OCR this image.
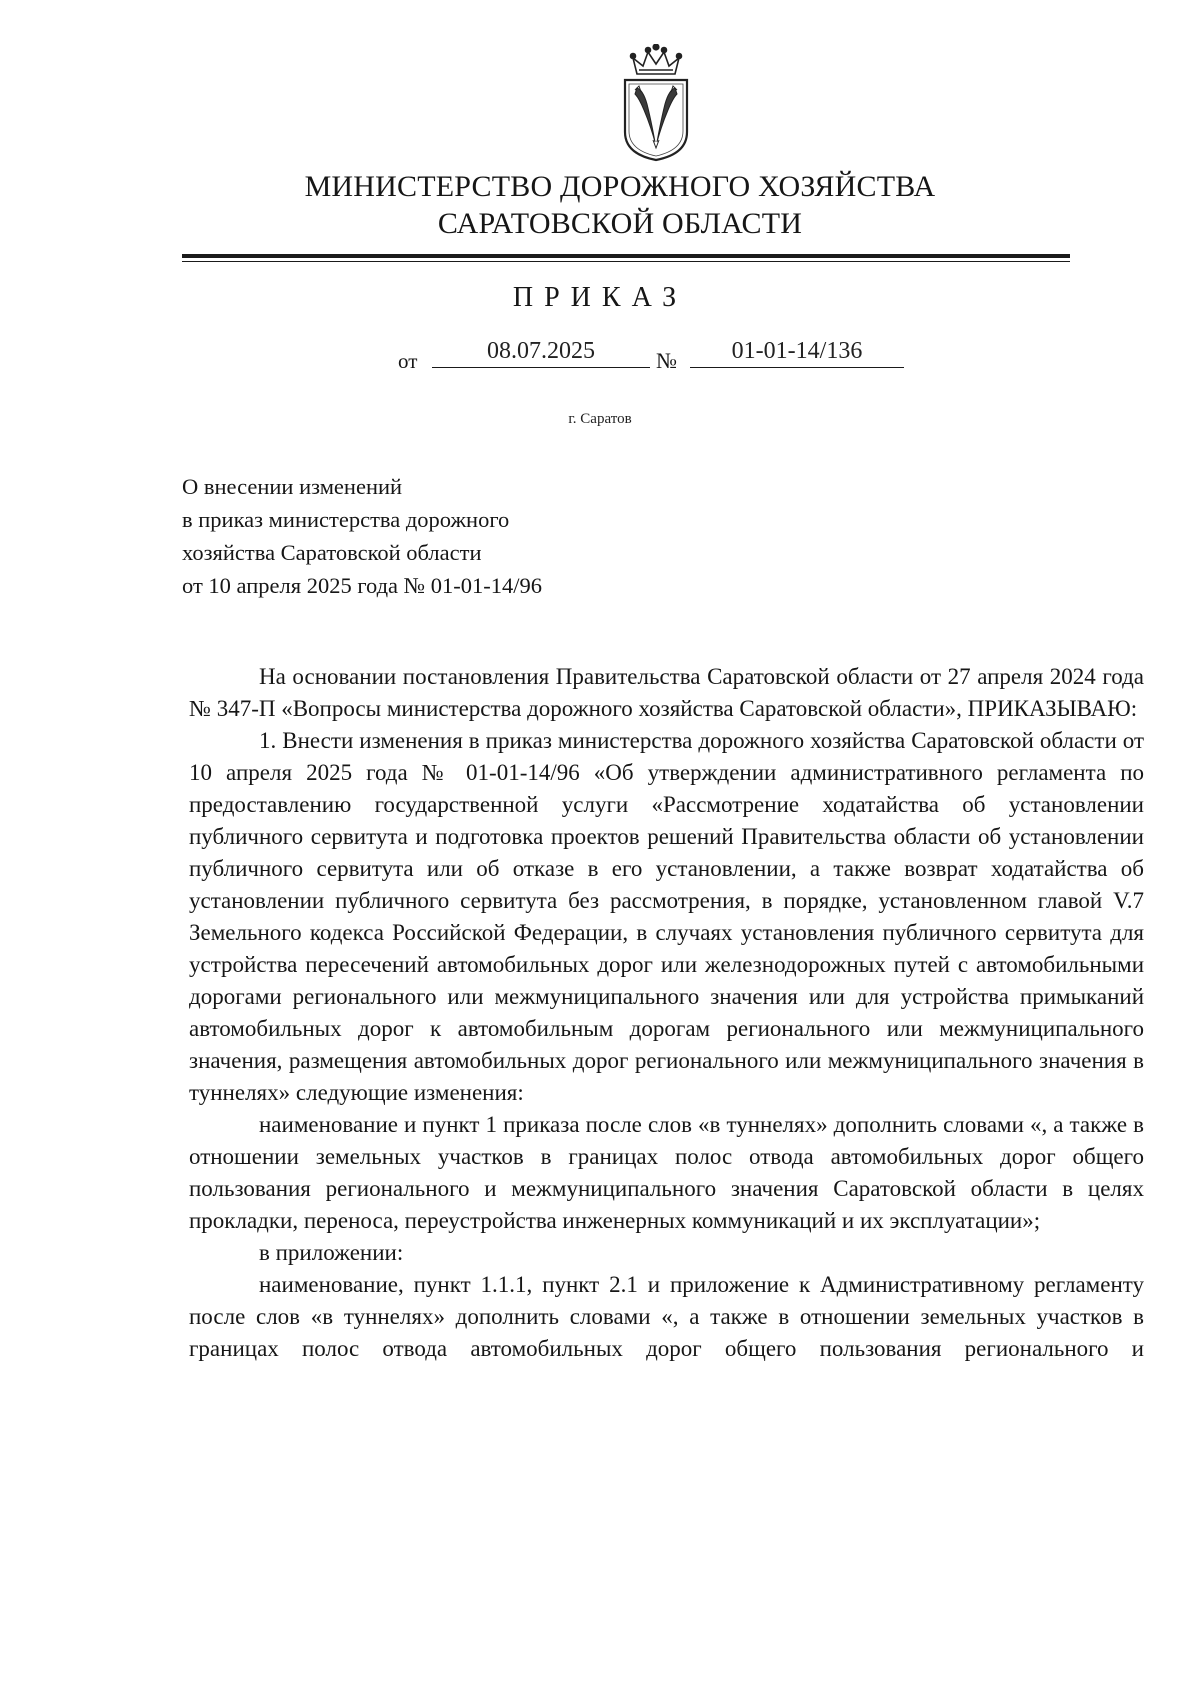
МИНИСТЕРСТВО ДОРОЖНОГО ХОЗЯЙСТВА
САРАТОВСКОЙ ОБЛАСТИ
ПРИКАЗ
от	08.07.2025	№	01-01-14/136
г. Саратов
О внесении изменений
в приказ министерства дорожного
хозяйства Саратовской области
от 10 апреля 2025 года № 01-01-14/96

На основании постановления Правительства Саратовской области от 27 апреля 2024 года № 347-П «Вопросы министерства дорожного хозяйства Саратовской области», ПРИКАЗЫВАЮ:

1. Внести изменения в приказ министерства дорожного хозяйства Саратовской области от 10 апреля 2025 года № 01-01-14/96 «Об утверждении административного регламента по предоставлению государственной услуги «Рассмотрение ходатайства об установлении публичного сервитута и подготовка проектов решений Правительства области об установлении публичного сервитута или об отказе в его установлении, а также возврат ходатайства об установлении публичного сервитута без рассмотрения, в порядке, установленном главой V.7 Земельного кодекса Российской Федерации, в случаях установления публичного сервитута для устройства пересечений автомобильных дорог или железнодорожных путей с автомобильными дорогами регионального или межмуниципального значения или для устройства примыканий автомобильных дорог к автомобильным дорогам регионального или межмуниципального значения, размещения автомобильных дорог регионального или межмуниципального значения в туннелях» следующие изменения:

наименование и пункт 1 приказа после слов «в туннелях» дополнить словами «, а также в отношении земельных участков в границах полос отвода автомобильных дорог общего пользования регионального и межмуниципального значения Саратовской области в целях прокладки, переноса, переустройства инженерных коммуникаций и их эксплуатации»;

в приложении:

наименование, пункт 1.1.1, пункт 2.1 и приложение к Административному регламенту после слов «в туннелях» дополнить словами «, а также в отношении земельных участков в границах полос отвода автомобильных дорог общего пользования регионального и
